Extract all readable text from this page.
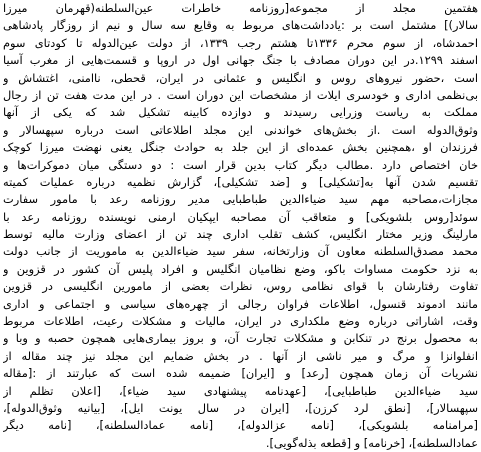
هفتمین مجلد از مجموعه[روزنامه خاطرات عین‌السلطنه(قهرمان میرزا
سالار)] مشتمل است بر :یادداشت‌های مربوط به وقایع سه سال و نیم از روزگار پادشاهی
احمدشاه، از سوم محرم ۱۳۳۶تا هشتم رجب ۱۳۳۹، از دولت عین‌الدوله تا کودتای سوم
اسفند ۱۲۹۹.در این دوران مصادف با جنگ جهانی اول در اروپا و قسمت‌هایی از مغرب آسیا
است ،حضور نیروهای روس و انگلیس و عثمانی در ایران، قحطی، ناامنی، اغتشاش و
بی‌نظمی اداری و خودسری ایلات از مشخصات این دوران است . در این مدت هفت تن از رجال
مملکت به ریاست وزرایی رسیدند و دوازده کابینه تشکیل شد که یکی از آنها
وثوق‌الدوله است .از بخش‌های خواندنی این مجلد اطلاعاتی است درباره سپهسالار و
فرزندان او ،همچنین بخش عمده‌ای از این جلد به حوادث جنگل یعنی نهضت میرزا کوچک
خان اختصاص دارد .مطالب دیگر کتاب بدین قرار است : دو دستگی میان دموکرات‌ها و
تقسیم شدن آنها به[تشکیلی] و [ضد تشکیلی]، گزارش نظمیه درباره عملیات کمیته
مجازات،مصاحبه مهم سید ضیاءالدین طباطبایی مدیر روزنامه رعد با مامور سفارت
سوئد[روس بلشویکی] و متعاقب آن مصاحبه ایپکیان ارمنی نویسنده روزنامه رعد با
مارلینگ وزیر مختار انگلیس، کشف تقلب اداری چند تن از اعضای وزارت مالیه توسط
محمد مصدق‌السلطنه معاون آن وزارتخانه، سفر سید ضیاءالدین به ماموریت از جانب دولت
به نزد حکومت مساوات باکو، وضع نظامیان انگلیس و افراد پلیس آن کشور در قزوین و
تفاوت رفتارشان با قوای نظامی روس، نظرات بعضی از مامورین انگلیسی در قزوین
مانند ادموند قنسول، اطلاعات فراوان رجالی از چهره‌های سیاسی و اجتماعی و اداری
وقت، اشاراتی درباره وضع ملکداری در ایران، مالیات و مشکلات رعیت، اطلاعات مربوط
به محصول برنج در تنکابن و مشکلات تجارت آن، و بروز بیماری‌هایی همچون حصبه و وبا و
انفلوانزا و مرگ و میر ناشی از آنها . در بخش ضمایم این مجلد نیز چند مقاله از
نشریات آن زمان همچون [رعد] و [ایران] ضمیمه شده است که عبارتند از :[مقاله
سید ضیاءالدین طباطبایی]، [عهدنامه پیشنهادی سید ضیاء]، [اعلان تظلم از
سپهسالار]، [نطق لرد کرزن]، [ایران در سال یونت ایل]، [بیانیه وثوق‌الدوله]،
[مرامنامه بلشویکی]، [نامه عزالدوله]، [نامه عمادالسلطنه]، [نامه دیگر
عمادالسلطنه]، [خرنامه] و [قطعه بذله‌گویی].
